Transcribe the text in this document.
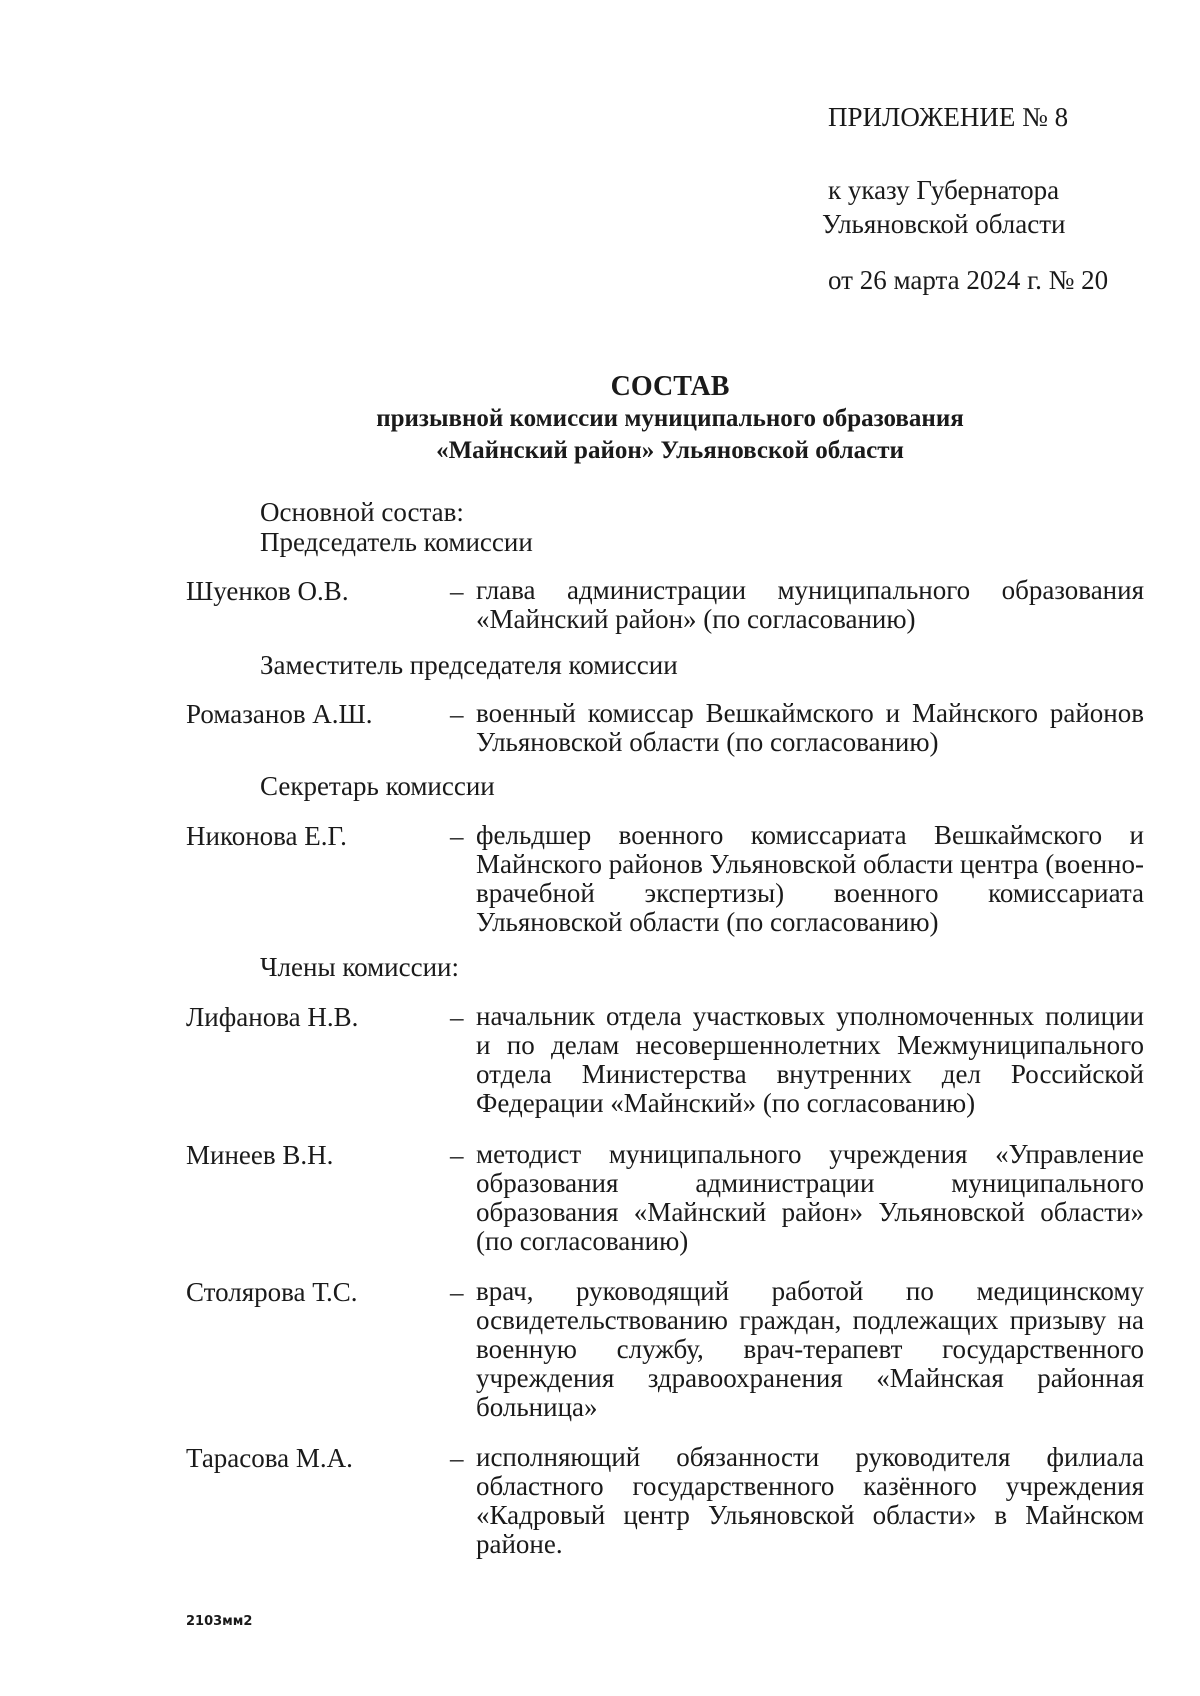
ПРИЛОЖЕНИЕ № 8
к указу Губернатора
Ульяновской области
от 26 марта 2024 г. № 20
СОСТАВ
призывной комиссии муниципального образования
«Майнский район» Ульяновской области
Основной состав:
Председатель комиссии
Шуенков О.В.	– глава администрации муниципального образования «Майнский район» (по согласованию)
Заместитель председателя комиссии
Ромазанов А.Ш.	– военный комиссар Вешкаймского и Майнского районов Ульяновской области (по согласованию)
Секретарь комиссии
Никонова Е.Г.	– фельдшер военного комиссариата Вешкаймского и Майнского районов Ульяновской области центра (военно-врачебной экспертизы) военного комиссариата Ульяновской области (по согласованию)
Члены комиссии:
Лифанова Н.В.	– начальник отдела участковых уполномоченных полиции и по делам несовершеннолетних Межмуниципального отдела Министерства внутренних дел Российской Федерации «Майнский» (по согласованию)
Минеев В.Н.	– методист муниципального учреждения «Управление образования администрации муниципального образования «Майнский район» Ульяновской области» (по согласованию)
Столярова Т.С.	– врач, руководящий работой по медицинскому освидетельствованию граждан, подлежащих призыву на военную службу, врач-терапевт государственного учреждения здравоохранения «Майнская районная больница»
Тарасова М.А.	– исполняющий обязанности руководителя филиала областного государственного казённого учреждения «Кадровый центр Ульяновской области» в Майнском районе.
2103мм2
